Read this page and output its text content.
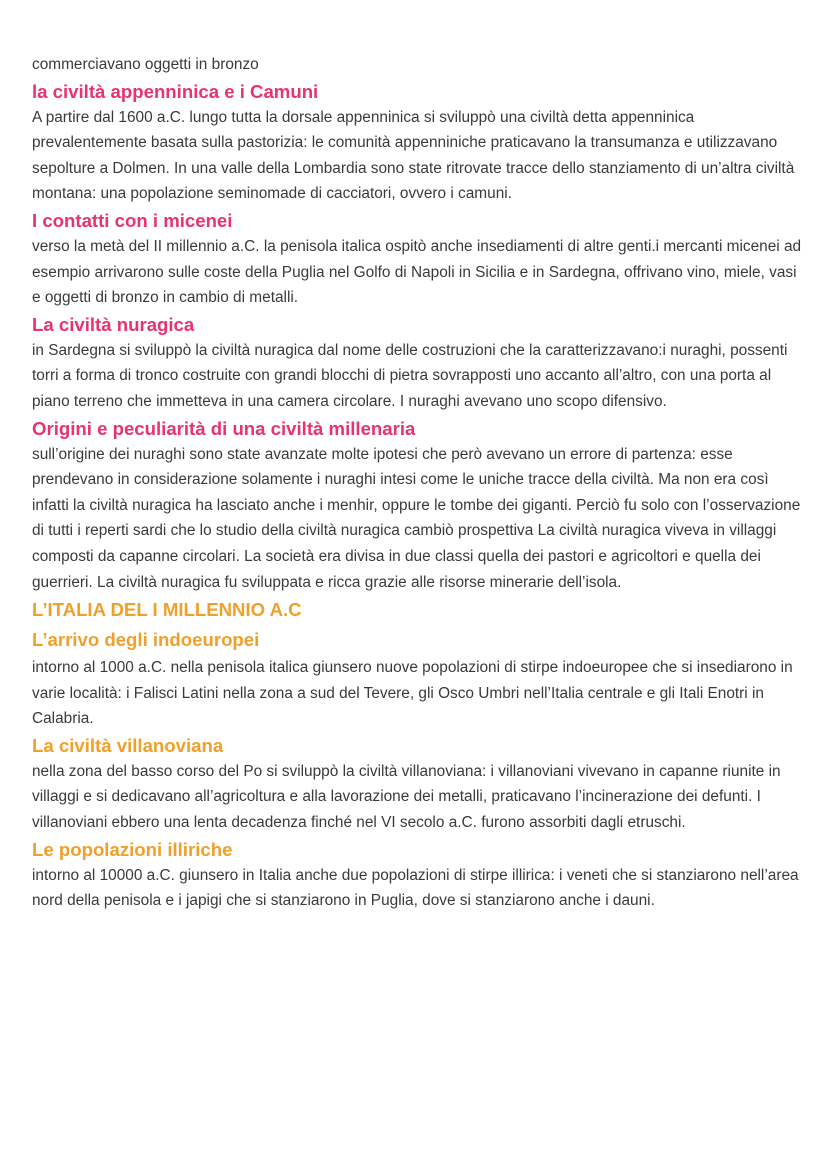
commerciavano oggetti in bronzo

la civiltà appenninica e i Camuni

A partire dal 1600 a.C. lungo tutta la dorsale appenninica si sviluppò una civiltà detta appenninica prevalentemente basata sulla pastorizia: le comunità appenniniche praticavano la transumanza e utilizzavano sepolture a Dolmen. In una valle della Lombardia sono state ritrovate tracce dello stanziamento di un’altra civiltà montana: una popolazione seminomade di cacciatori, ovvero i camuni.

I contatti con i micenei

verso la metà del II millennio a.C. la penisola italica ospitò anche insediamenti di altre genti.i mercanti micenei ad esempio arrivarono sulle coste della Puglia nel Golfo di Napoli in Sicilia e in Sardegna, offrivano vino, miele, vasi e oggetti di bronzo in cambio di metalli.

La civiltà nuragica

in Sardegna si sviluppò la civiltà nuragica dal nome delle costruzioni che la caratterizzavano:i nuraghi, possenti torri a forma di tronco costruite con grandi blocchi di pietra sovrapposti uno accanto all’altro, con una porta al piano terreno che immetteva in una camera circolare. I nuraghi avevano uno scopo difensivo.

Origini e peculiarità di una civiltà millenaria

sull’origine dei nuraghi sono state avanzate molte ipotesi che però avevano un errore di partenza: esse prendevano in considerazione solamente i nuraghi intesi come le uniche tracce della civiltà. Ma non era così infatti la civiltà nuragica ha lasciato anche i menhir, oppure le tombe dei giganti. Perciò fu solo con l’osservazione di tutti i reperti sardi che lo studio della civiltà nuragica cambiò prospettiva La civiltà nuragica viveva in villaggi composti da capanne circolari. La società era divisa in due classi quella dei pastori e agricoltori e quella dei guerrieri. La civiltà nuragica fu sviluppata e ricca grazie alle risorse minerarie dell’isola.

L’ITALIA DEL I MILLENNIO A.C
L’arrivo degli indoeuropei

intorno al 1000 a.C. nella penisola italica giunsero nuove popolazioni di stirpe indoeuropee che si insediarono in varie località: i Falisci Latini nella zona a sud del Tevere, gli Osco Umbri nell’Italia centrale e gli Itali Enotri in Calabria.

La civiltà villanoviana

nella zona del basso corso del Po si sviluppò la civiltà villanoviana: i villanoviani vivevano in capanne riunite in villaggi e si dedicavano all’agricoltura e alla lavorazione dei metalli, praticavano l’incinerazione dei defunti. I villanoviani ebbero una lenta decadenza finché nel VI secolo a.C. furono assorbiti dagli etruschi.

Le popolazioni illiriche

intorno al 10000 a.C. giunsero in Italia anche due popolazioni di stirpe illirica: i veneti che si stanziarono nell’area nord della penisola e i japigi che si stanziarono in Puglia, dove si stanziarono anche i dauni.
